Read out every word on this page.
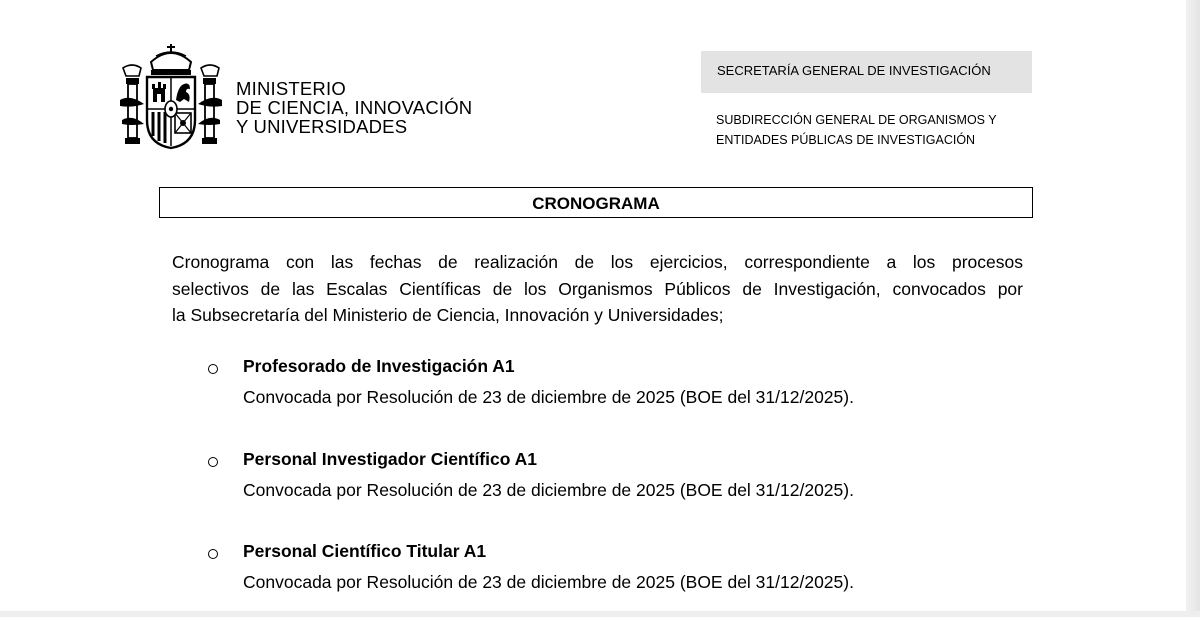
MINISTERIO
DE CIENCIA, INNOVACIÓN
Y UNIVERSIDADES
SECRETARÍA GENERAL DE INVESTIGACIÓN
SUBDIRECCIÓN GENERAL DE ORGANISMOS Y
ENTIDADES PÚBLICAS DE INVESTIGACIÓN
CRONOGRAMA
Cronograma con las fechas de realización de los ejercicios, correspondiente a los procesos
selectivos de las Escalas Científicas de los Organismos Públicos de Investigación, convocados por
la Subsecretaría del Ministerio de Ciencia, Innovación y Universidades;
Profesorado de Investigación A1
Convocada por Resolución de 23 de diciembre de 2025 (BOE del 31/12/2025).
Personal Investigador Científico A1
Convocada por Resolución de 23 de diciembre de 2025 (BOE del 31/12/2025).
Personal Científico Titular A1
Convocada por Resolución de 23 de diciembre de 2025 (BOE del 31/12/2025).
